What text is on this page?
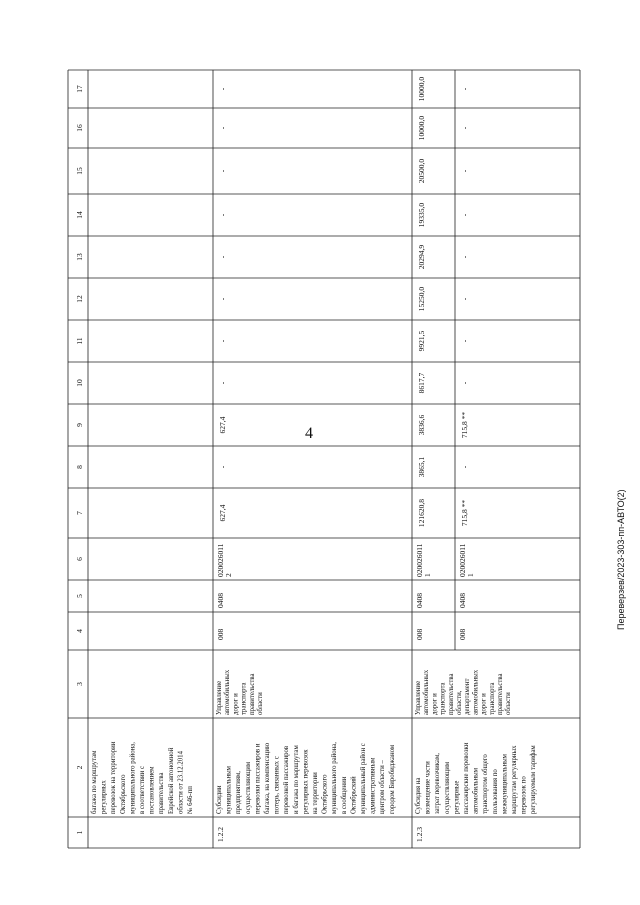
4
1
2
3
4
5
6
7
8
9
10
11
12
13
14
15
16
17
багажа по маршрутам регулярных перевозок на территории Октябрьского муниципального района, в соответствии с постановлением правительства Еврейской автономной области от 23.12.2014 № 646-пп
1.2.2
Субсидии муниципальным предприятиям, осуществляющим перевозки пассажиров и багажа, на компенсацию потерь, связанных с перевозкой пассажиров и багажа по маршрутам регулярных перевозок на территории Октябрьского муниципального района, в сообщении Октябрьский муниципальный район с административным центром области – городом Биробиджаном
Управление автомобильных дорог и транспорта правительства области
008
0408
020026011 2
627,4
-
627,4
-
-
-
-
-
-
-
-
1.2.3
Субсидия на возмещение части затрат перевозчикам, осуществляющим регулярные пассажирские перевозки автомобильным транспортом общего пользования по межмуниципальным маршрутам регулярных перевозок по регулируемым тарифам
Управление автомобильных дорог и транспорта правительства области, департамент автомобильных дорог и транспорта правительства области
008
0408
020026011 1
121620,8
3865,1
3836,6
8617,7
9921,5
15250,0
20294,9
19335,0
20500,0
10000,0
10000,0
008
0408
020026011 1
715,8 **
-
715,8 **
-
-
-
-
-
-
-
-
Переверзев/2023-303-пп-АВТО(2)
